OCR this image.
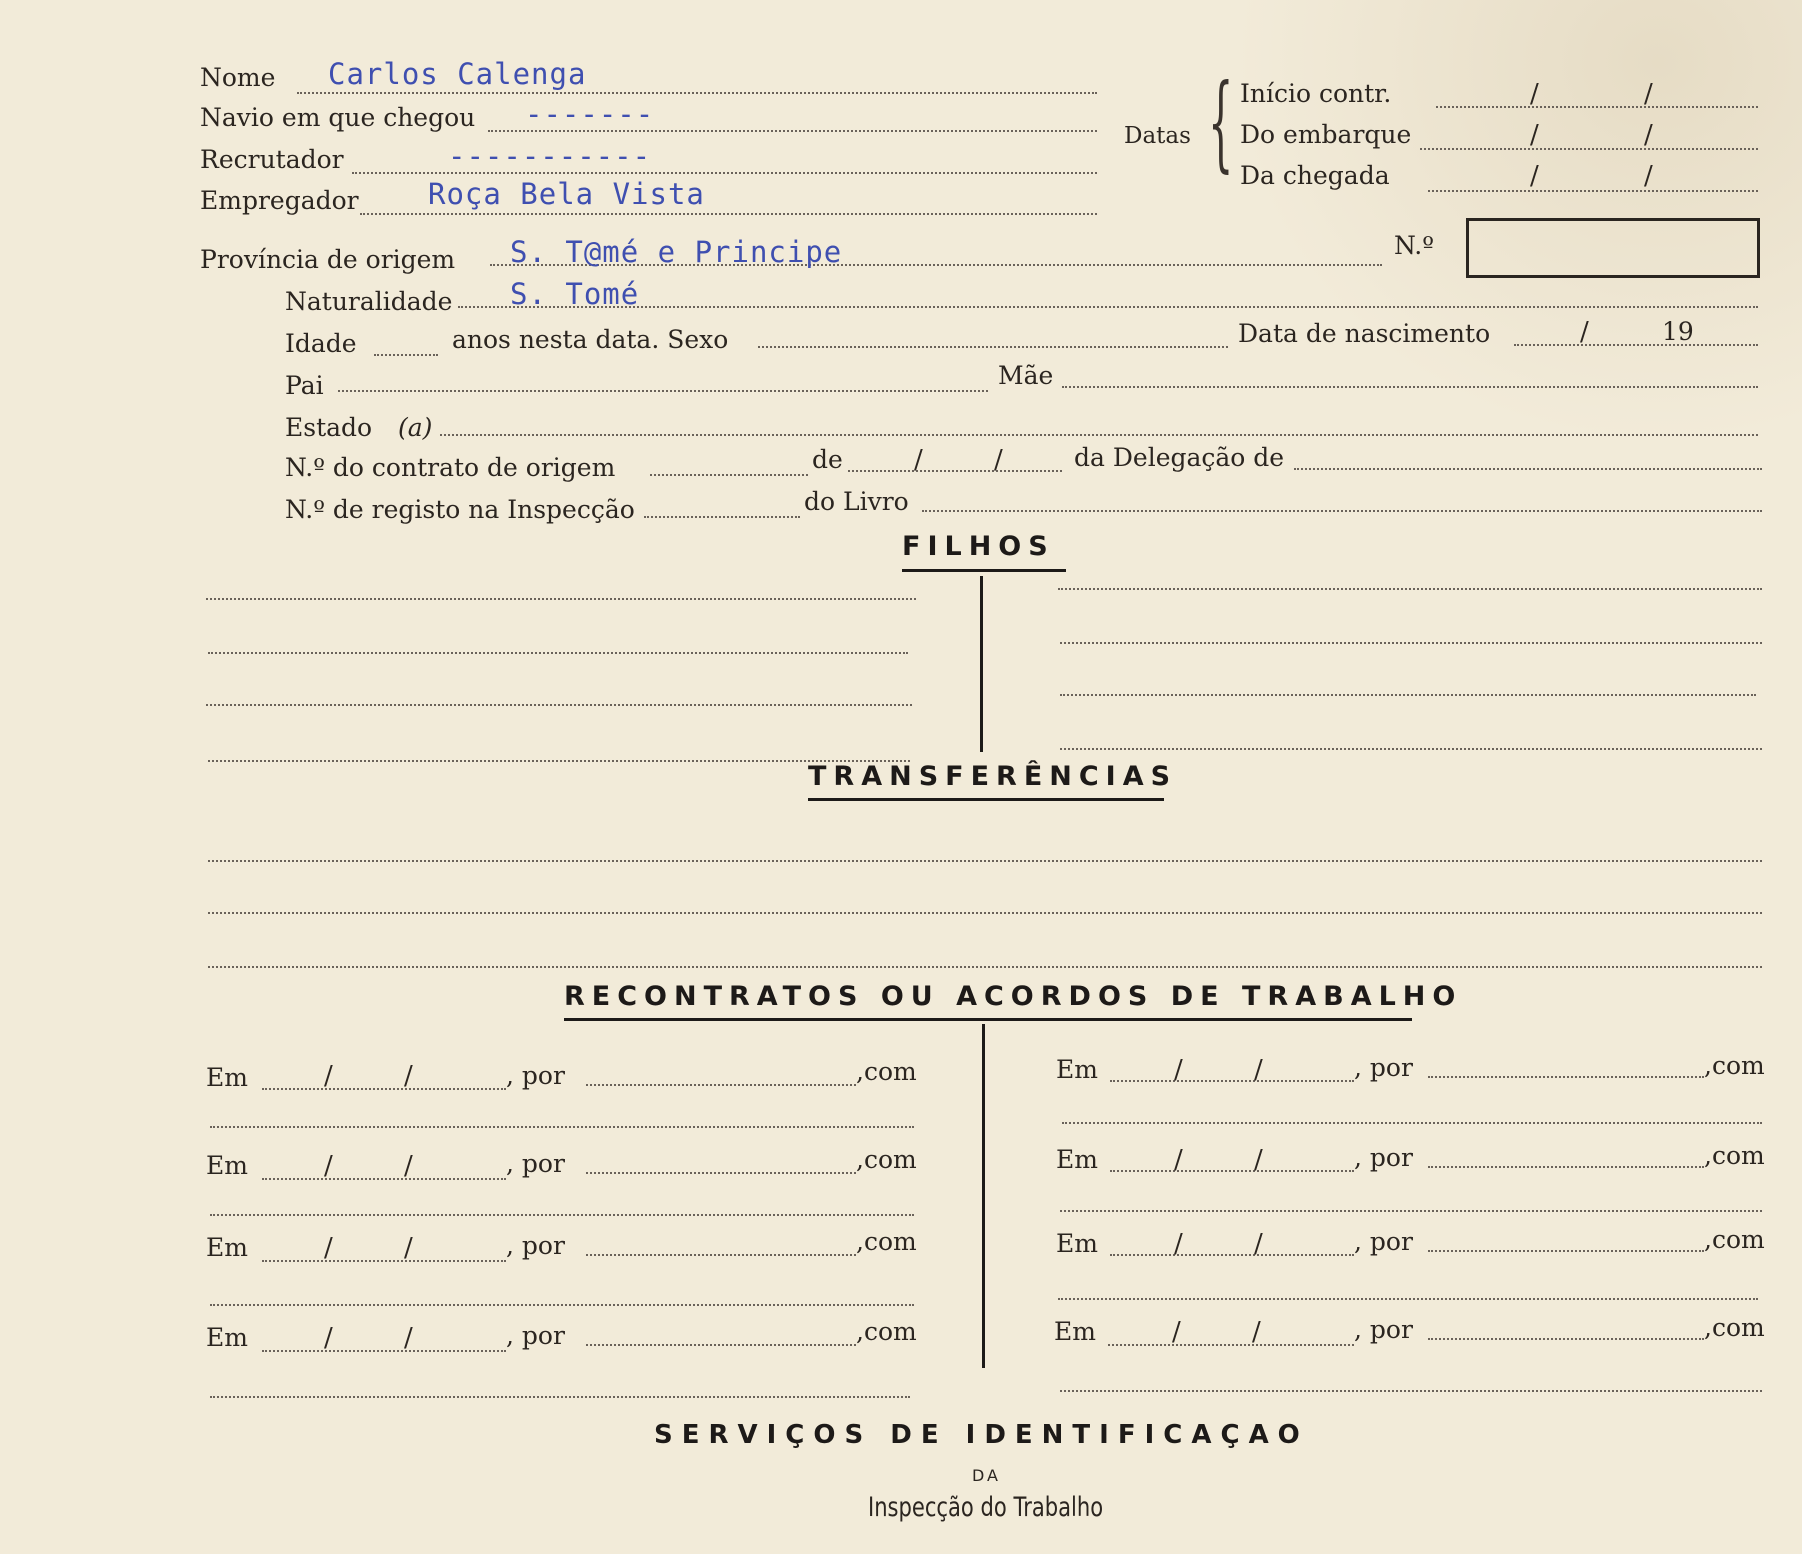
Nome Carlos Calenga
Navio em que chegou -------
Recrutador	-----------
Empregador Roça Bela Vista
Datas { Início contr.	/	/
Do embarque	/	/
Da chegada	/	/
Província de origem S. T@mé e Principe	N.º
Naturalidade S. Tomé
Idade	anos nesta data. Sexo	Data de nascimento	/	19
Pai	Mãe
Estado (a)
N.º do contrato de origem	de	/	/	da Delegação de
N.º de registo na Inspecção	do Livro
FILHOS
TRANSFERÊNCIAS
RECONTRATOS OU ACORDOS DE TRABALHO
Em	/	/	, por	,com
Em	/	/	, por	,com
Em	/	/	, por	,com
Em	/	/	, por	,com
Em	/	/	, por	,com
Em	/	/	, por	,com
Em	/	/	, por	,com
Em	/	/	, por	,com
SERVIÇOS DE IDENTIFICAÇAO
DA
Inspecção do Trabalho
